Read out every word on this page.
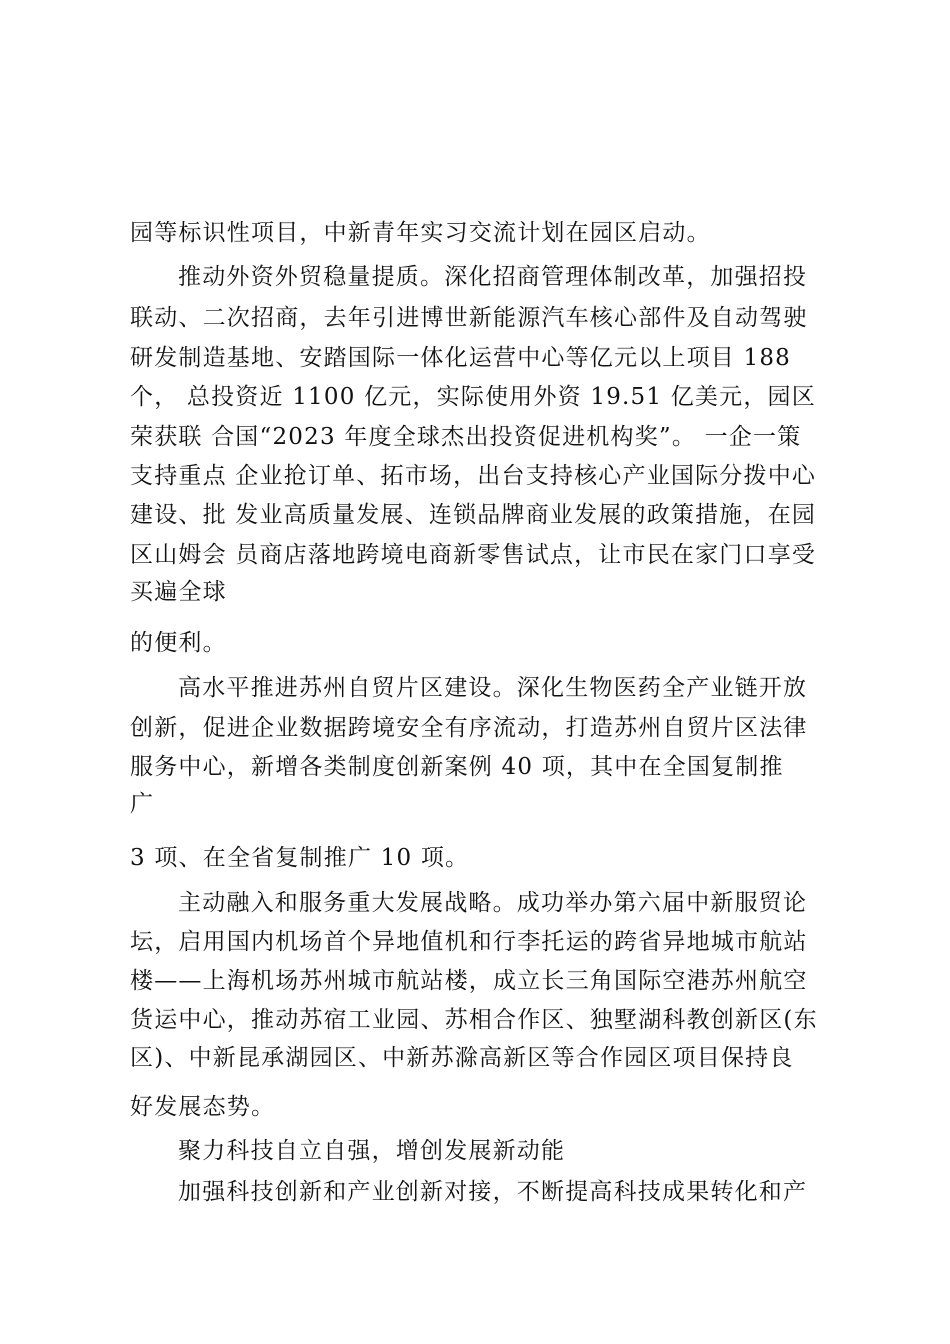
园等标识性项目，中新青年实习交流计划在园区启动。
推动外资外贸稳量提质。深化招商管理体制改革，加强招投
联动、二次招商，去年引进博世新能源汽车核心部件及自动驾驶
研发制造基地、安踏国际一体化运营中心等亿元以上项目 188
个， 总投资近 1100 亿元，实际使用外资 19.51 亿美元，园区
荣获联 合国“2023 年度全球杰出投资促进机构奖”。 一企一策
支持重点 企业抢订单、拓市场，出台支持核心产业国际分拨中心
建设、批 发业高质量发展、连锁品牌商业发展的政策措施，在园
区山姆会 员商店落地跨境电商新零售试点，让市民在家门口享受
买遍全球
的便利。
高水平推进苏州自贸片区建设。深化生物医药全产业链开放
创新，促进企业数据跨境安全有序流动，打造苏州自贸片区法律
服务中心，新增各类制度创新案例 40 项，其中在全国复制推
广
3 项、在全省复制推广 10 项。
主动融入和服务重大发展战略。成功举办第六届中新服贸论
坛，启用国内机场首个异地值机和行李托运的跨省异地城市航站
楼——上海机场苏州城市航站楼，成立长三角国际空港苏州航空
货运中心，推动苏宿工业园、苏相合作区、独墅湖科教创新区(东
区)、中新昆承湖园区、中新苏滁高新区等合作园区项目保持良
好发展态势。
聚力科技自立自强，增创发展新动能
加强科技创新和产业创新对接，不断提高科技成果转化和产
